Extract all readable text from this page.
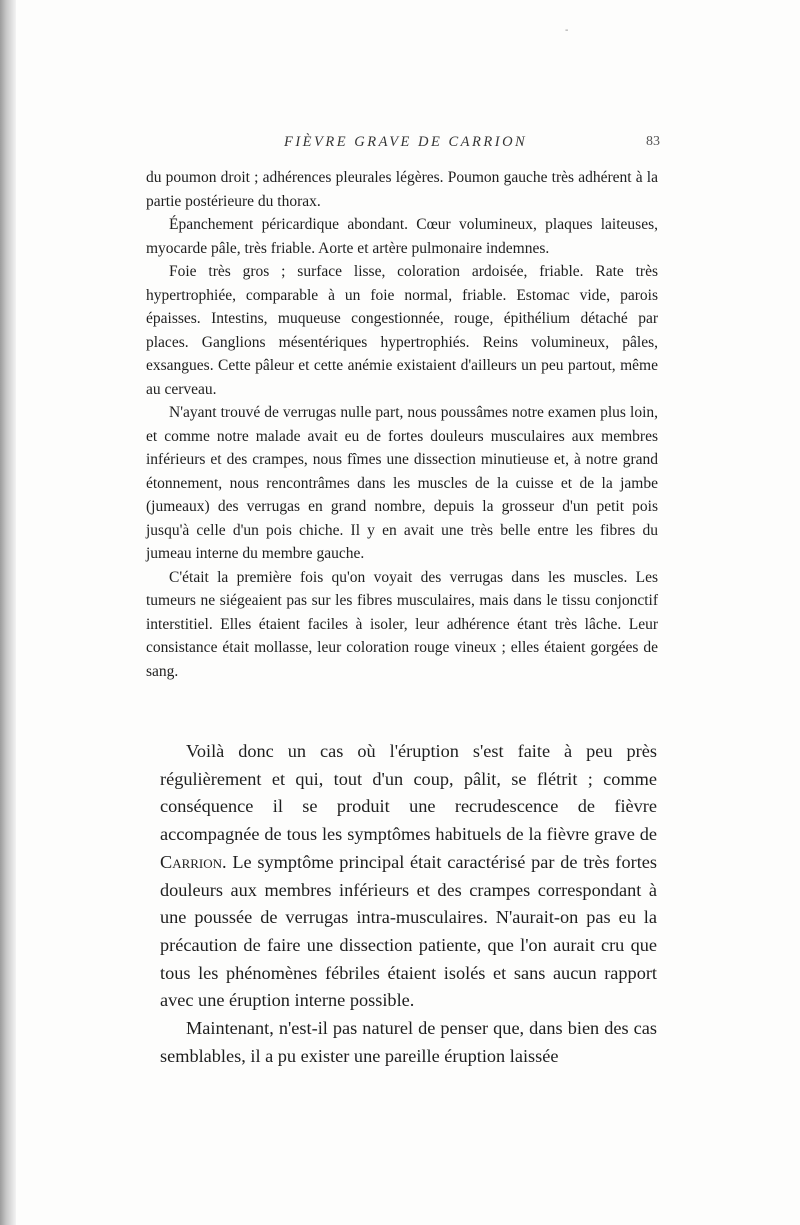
-
FIÈVRE GRAVE DE CARRION	83

du poumon droit ; adhérences pleurales légères. Poumon gauche très adhérent à la partie postérieure du thorax.

Épanchement péricardique abondant. Cœur volumineux, plaques laiteuses, myocarde pâle, très friable. Aorte et artère pulmonaire indemnes.

Foie très gros ; surface lisse, coloration ardoisée, friable. Rate très hypertrophiée, comparable à un foie normal, friable. Estomac vide, parois épaisses. Intestins, muqueuse congestionnée, rouge, épithélium détaché par places. Ganglions mésentériques hypertrophiés. Reins volumineux, pâles, exsangues. Cette pâleur et cette anémie existaient d'ailleurs un peu partout, même au cerveau.

N'ayant trouvé de verrugas nulle part, nous poussâmes notre examen plus loin, et comme notre malade avait eu de fortes douleurs musculaires aux membres inférieurs et des crampes, nous fîmes une dissection minutieuse et, à notre grand étonnement, nous rencontrâmes dans les muscles de la cuisse et de la jambe (jumeaux) des verrugas en grand nombre, depuis la grosseur d'un petit pois jusqu'à celle d'un pois chiche. Il y en avait une très belle entre les fibres du jumeau interne du membre gauche.

C'était la première fois qu'on voyait des verrugas dans les muscles. Les tumeurs ne siégeaient pas sur les fibres musculaires, mais dans le tissu conjonctif interstitiel. Elles étaient faciles à isoler, leur adhérence étant très lâche. Leur consistance était mollasse, leur coloration rouge vineux ; elles étaient gorgées de sang.

Voilà donc un cas où l'éruption s'est faite à peu près régulièrement et qui, tout d'un coup, pâlit, se flétrit ; comme conséquence il se produit une recrudescence de fièvre accompagnée de tous les symptômes habituels de la fièvre grave de Carrion. Le symptôme principal était caractérisé par de très fortes douleurs aux membres inférieurs et des crampes correspondant à une poussée de verrugas intra-musculaires. N'aurait-on pas eu la précaution de faire une dissection patiente, que l'on aurait cru que tous les phénomènes fébriles étaient isolés et sans aucun rapport avec une éruption interne possible.

Maintenant, n'est-il pas naturel de penser que, dans bien des cas semblables, il a pu exister une pareille éruption laissée
